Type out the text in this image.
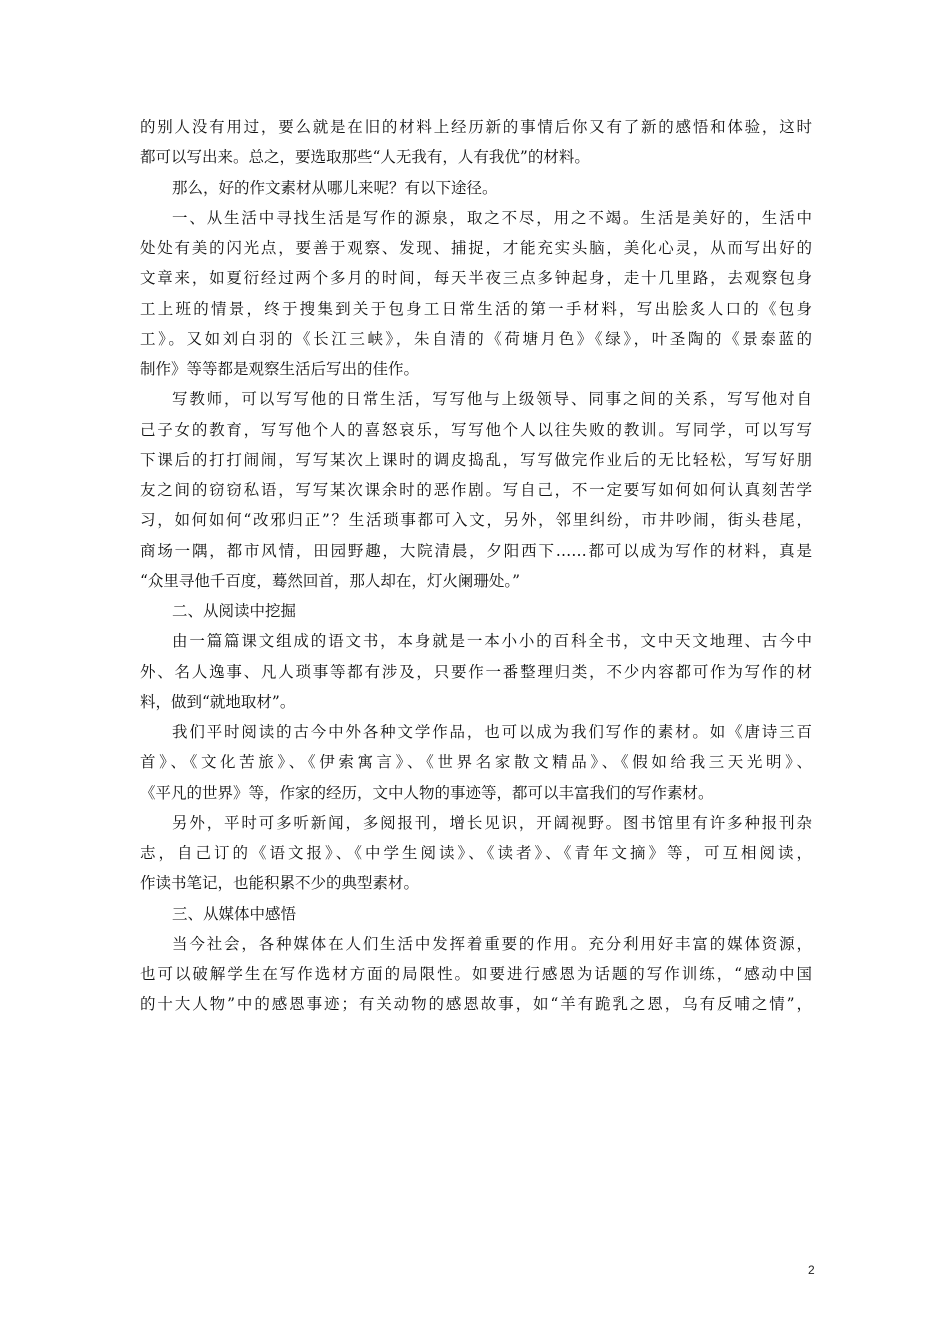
的别人没有用过，要么就是在旧的材料上经历新的事情后你又有了新的感悟和体验，这时
都可以写出来。总之，要选取那些“人无我有，人有我优”的材料。
那么，好的作文素材从哪儿来呢？有以下途径。
一、从生活中寻找生活是写作的源泉，取之不尽，用之不竭。生活是美好的，生活中
处处有美的闪光点，要善于观察、发现、捕捉，才能充实头脑，美化心灵，从而写出好的
文章来，如夏衍经过两个多月的时间，每天半夜三点多钟起身，走十几里路，去观察包身
工上班的情景，终于搜集到关于包身工日常生活的第一手材料，写出脍炙人口的《包身
工》。又如刘白羽的《长江三峡》，朱自清的《荷塘月色》《绿》，叶圣陶的《景泰蓝的
制作》等等都是观察生活后写出的佳作。
写教师，可以写写他的日常生活，写写他与上级领导、同事之间的关系，写写他对自
己子女的教育，写写他个人的喜怒哀乐，写写他个人以往失败的教训。写同学，可以写写
下课后的打打闹闹，写写某次上课时的调皮捣乱，写写做完作业后的无比轻松，写写好朋
友之间的窃窃私语，写写某次课余时的恶作剧。写自己，不一定要写如何如何认真刻苦学
习，如何如何“改邪归正”？生活琐事都可入文，另外，邻里纠纷，市井吵闹，街头巷尾，
商场一隅，都市风情，田园野趣，大院清晨，夕阳西下……都可以成为写作的材料，真是
“众里寻他千百度，蓦然回首，那人却在，灯火阑珊处。”
二、从阅读中挖掘
由一篇篇课文组成的语文书，本身就是一本小小的百科全书，文中天文地理、古今中
外、名人逸事、凡人琐事等都有涉及，只要作一番整理归类，不少内容都可作为写作的材
料，做到“就地取材”。
我们平时阅读的古今中外各种文学作品，也可以成为我们写作的素材。如《唐诗三百
首》、《文化苦旅》、《伊索寓言》、《世界名家散文精品》、《假如给我三天光明》、
《平凡的世界》等，作家的经历，文中人物的事迹等，都可以丰富我们的写作素材。
另外，平时可多听新闻，多阅报刊，增长见识，开阔视野。图书馆里有许多种报刊杂
志，自己订的《语文报》、《中学生阅读》、《读者》、《青年文摘》等，可互相阅读，
作读书笔记，也能积累不少的典型素材。
三、从媒体中感悟
当今社会，各种媒体在人们生活中发挥着重要的作用。充分利用好丰富的媒体资源，
也可以破解学生在写作选材方面的局限性。如要进行感恩为话题的写作训练，“感动中国
的十大人物”中的感恩事迹；有关动物的感恩故事，如“羊有跪乳之恩，乌有反哺之情”，
2
